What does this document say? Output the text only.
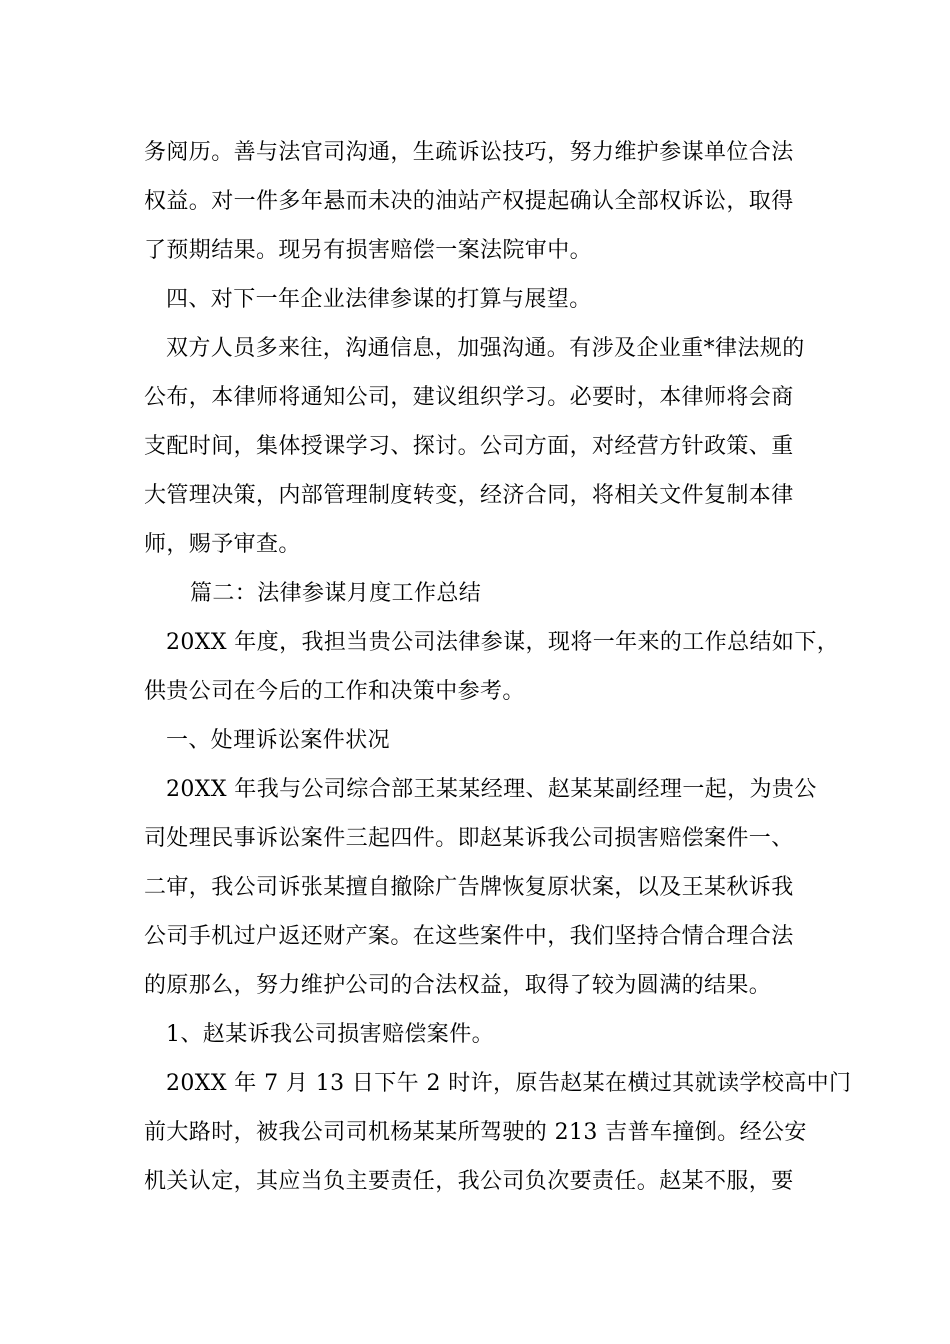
务阅历。善与法官司沟通，生疏诉讼技巧，努力维护参谋单位合法

权益。对一件多年悬而未决的油站产权提起确认全部权诉讼，取得

了预期结果。现另有损害赔偿一案法院审中。

四、对下一年企业法律参谋的打算与展望。

双方人员多来往，沟通信息，加强沟通。有涉及企业重*律法规的

公布，本律师将通知公司，建议组织学习。必要时，本律师将会商

支配时间，集体授课学习、探讨。公司方面，对经营方针政策、重

大管理决策，内部管理制度转变，经济合同，将相关文件复制本律

师，赐予审查。

篇二：法律参谋月度工作总结

20XX 年度，我担当贵公司法律参谋，现将一年来的工作总结如下，

供贵公司在今后的工作和决策中参考。

一、处理诉讼案件状况

20XX 年我与公司综合部王某某经理、赵某某副经理一起，为贵公

司处理民事诉讼案件三起四件。即赵某诉我公司损害赔偿案件一、

二审，我公司诉张某擅自撤除广告牌恢复原状案，以及王某秋诉我

公司手机过户返还财产案。在这些案件中，我们坚持合情合理合法

的原那么，努力维护公司的合法权益，取得了较为圆满的结果。

1、赵某诉我公司损害赔偿案件。

20XX 年 7 月 13 日下午 2 时许，原告赵某在横过其就读学校高中门

前大路时，被我公司司机杨某某所驾驶的 213 吉普车撞倒。经公安

机关认定，其应当负主要责任，我公司负次要责任。赵某不服，要
